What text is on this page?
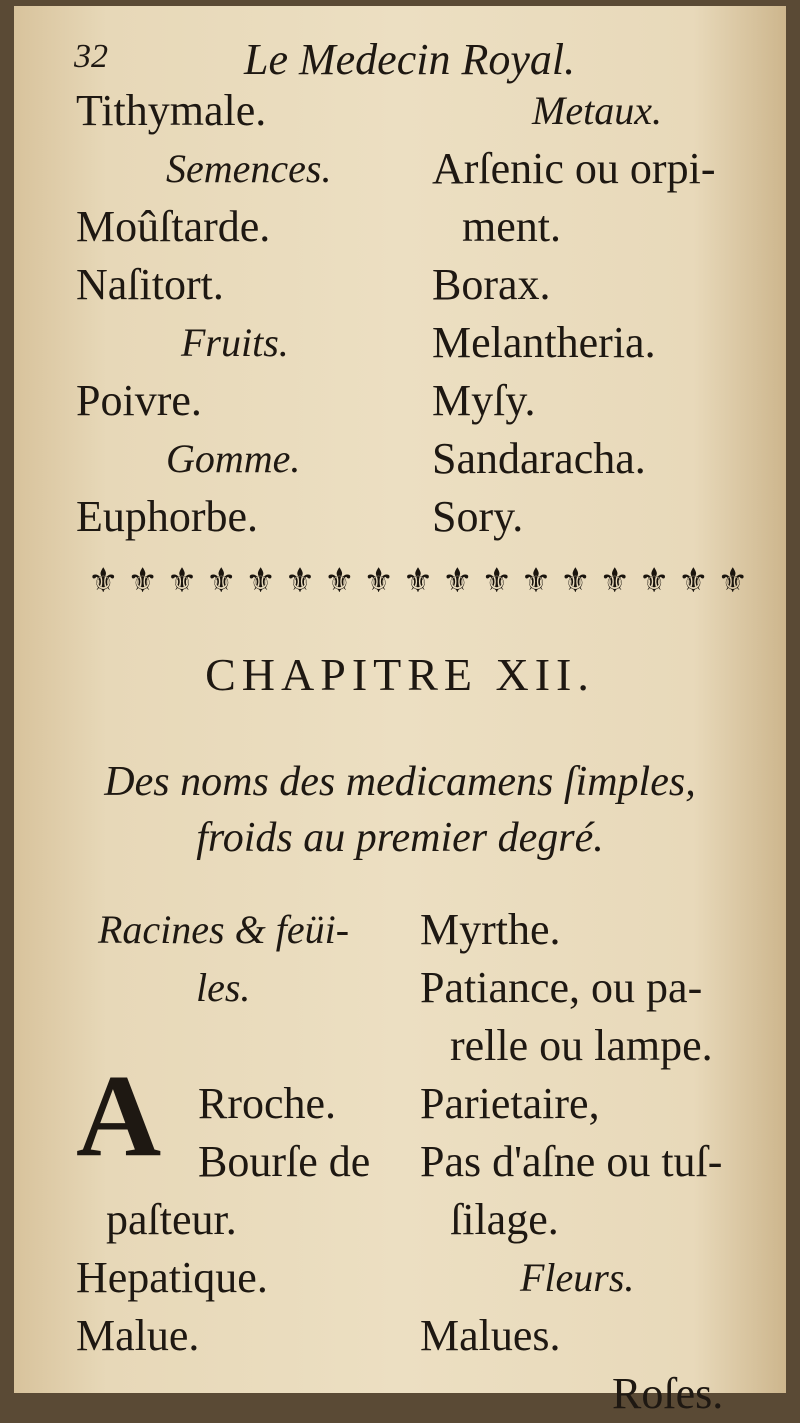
32	Le Medecin Royal.
Tithymale.
Semences.
Moûſtarde.
Naſitort.
Fruits.
Poivre.
Gomme.
Euphorbe.
Metaux.
Arſenic ou orpi-
ment.
Borax.
Melantheria.
Myſy.
Sandaracha.
Sory.
⚜ ⚜ ⚜ ⚜ ⚜ ⚜ ⚜ ⚜ ⚜ ⚜ ⚜ ⚜ ⚜ ⚜ ⚜ ⚜ ⚜
CHAPITRE XII.
Des noms des medicamens ſimples,
froids au premier degré.
Racines & feüi-
les.
Rroche.
Bourſe de
paſteur.
Hepatique.
Malue.
A
Myrthe.
Patiance, ou pa-
relle ou lampe.
Parietaire,
Pas d'aſne ou tuſ-
ſilage.
Fleurs.
Malues.
Roſes.
